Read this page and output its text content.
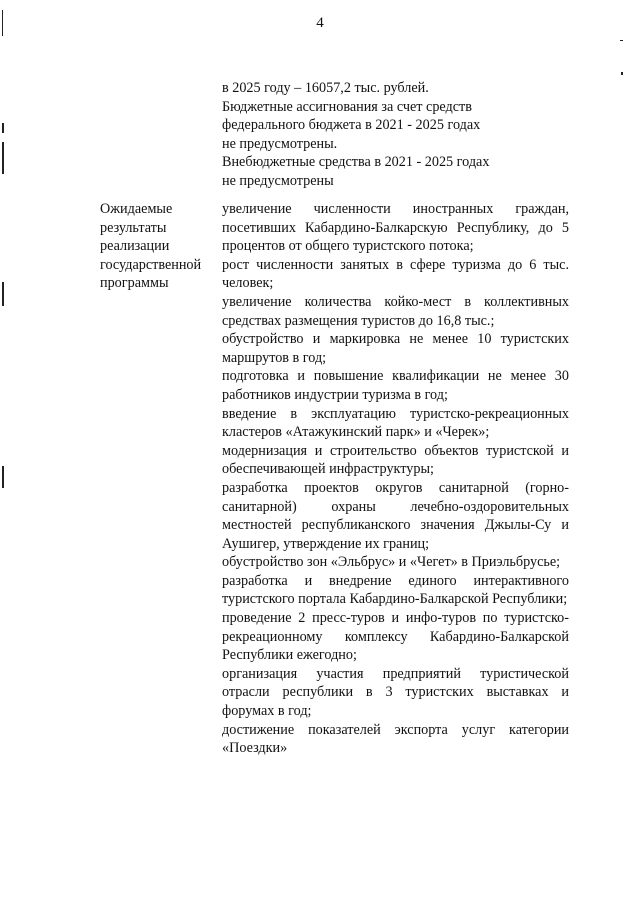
4
в 2025 году – 16057,2 тыс. рублей.
Бюджетные ассигнования за счет средств
федерального бюджета в 2021 - 2025 годах
не предусмотрены.
Внебюджетные средства в 2021 - 2025 годах
не предусмотрены
Ожидаемые
результаты
реализации
государственной
программы
увеличение численности иностранных граждан, посетивших Кабардино-Балкарскую Республику, до 5 процентов от общего туристского потока;
рост численности занятых в сфере туризма до 6 тыс. человек;
увеличение количества койко-мест в коллективных средствах размещения туристов до 16,8 тыс.;
обустройство и маркировка не менее 10 туристских маршрутов в год;
подготовка и повышение квалификации не менее 30 работников индустрии туризма в год;
введение в эксплуатацию туристско-рекреационных кластеров «Атажукинский парк» и «Черек»;
модернизация и строительство объектов туристской и обеспечивающей инфраструктуры;
разработка проектов округов санитарной (горно-санитарной) охраны лечебно-оздоровительных местностей республиканского значения Джылы-Су и Аушигер, утверждение их границ;
обустройство зон «Эльбрус» и «Чегет» в Приэльбрусье;
разработка и внедрение единого интерактивного туристского портала Кабардино-Балкарской Республики;
проведение 2 пресс-туров и инфо-туров по туристско-рекреационному комплексу Кабардино-Балкарской Республики ежегодно;
организация участия предприятий туристической отрасли республики в 3 туристских выставках и форумах в год;
достижение показателей экспорта услуг категории «Поездки»
